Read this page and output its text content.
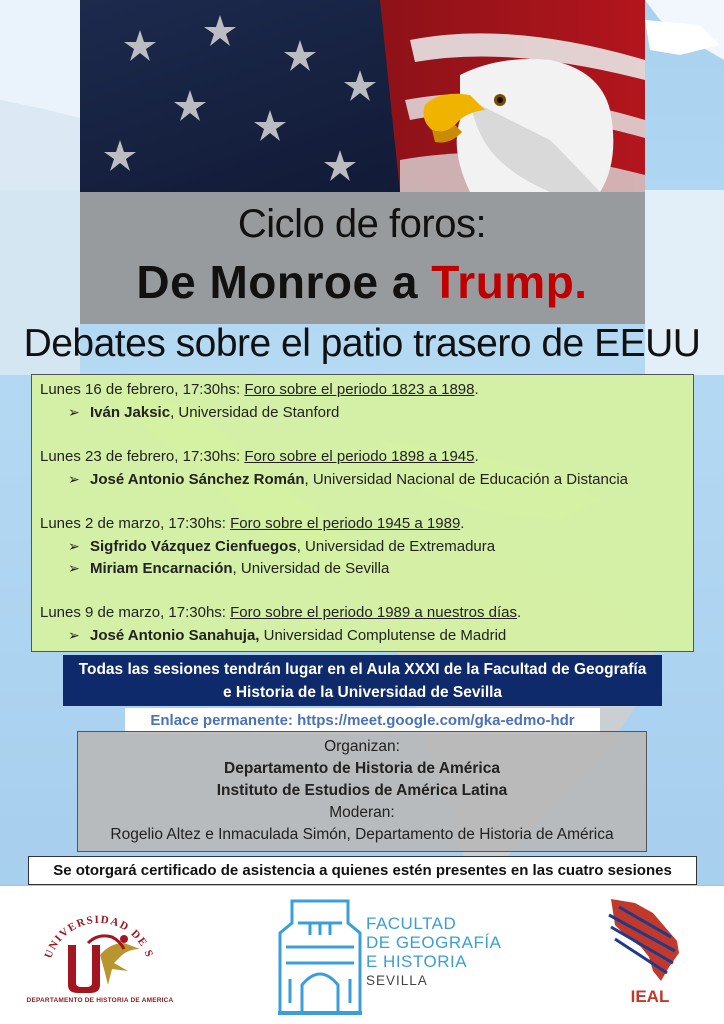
Ciclo de foros:
De Monroe a Trump.
Debates sobre el patio trasero de EEUU
Lunes 16 de febrero, 17:30hs: Foro sobre el periodo 1823 a 1898.
➢ Iván Jaksic, Universidad de Stanford
Lunes 23 de febrero, 17:30hs: Foro sobre el periodo 1898 a 1945.
➢ José Antonio Sánchez Román, Universidad Nacional de Educación a Distancia
Lunes 2 de marzo, 17:30hs: Foro sobre el periodo 1945 a 1989.
➢ Sigfrido Vázquez Cienfuegos, Universidad de Extremadura
➢ Miriam Encarnación, Universidad de Sevilla
Lunes 9 de marzo, 17:30hs: Foro sobre el periodo 1989 a nuestros días.
➢ José Antonio Sanahuja, Universidad Complutense de Madrid
Todas las sesiones tendrán lugar en el Aula XXXI de la Facultad de Geografía
e Historia de la Universidad de Sevilla
Enlace permanente: https://meet.google.com/gka-edmo-hdr
Organizan:
Departamento de Historia de América
Instituto de Estudios de América Latina
Moderan:
Rogelio Altez e Inmaculada Simón, Departamento de Historia de América
Se otorgará certificado de asistencia a quienes estén presentes en las cuatro sesiones
UNIVERSIDAD DE S
DEPARTAMENTO DE HISTORIA DE AMERICA
FACULTAD
DE GEOGRAFÍA
E HISTORIA
SEVILLA
IEAL
